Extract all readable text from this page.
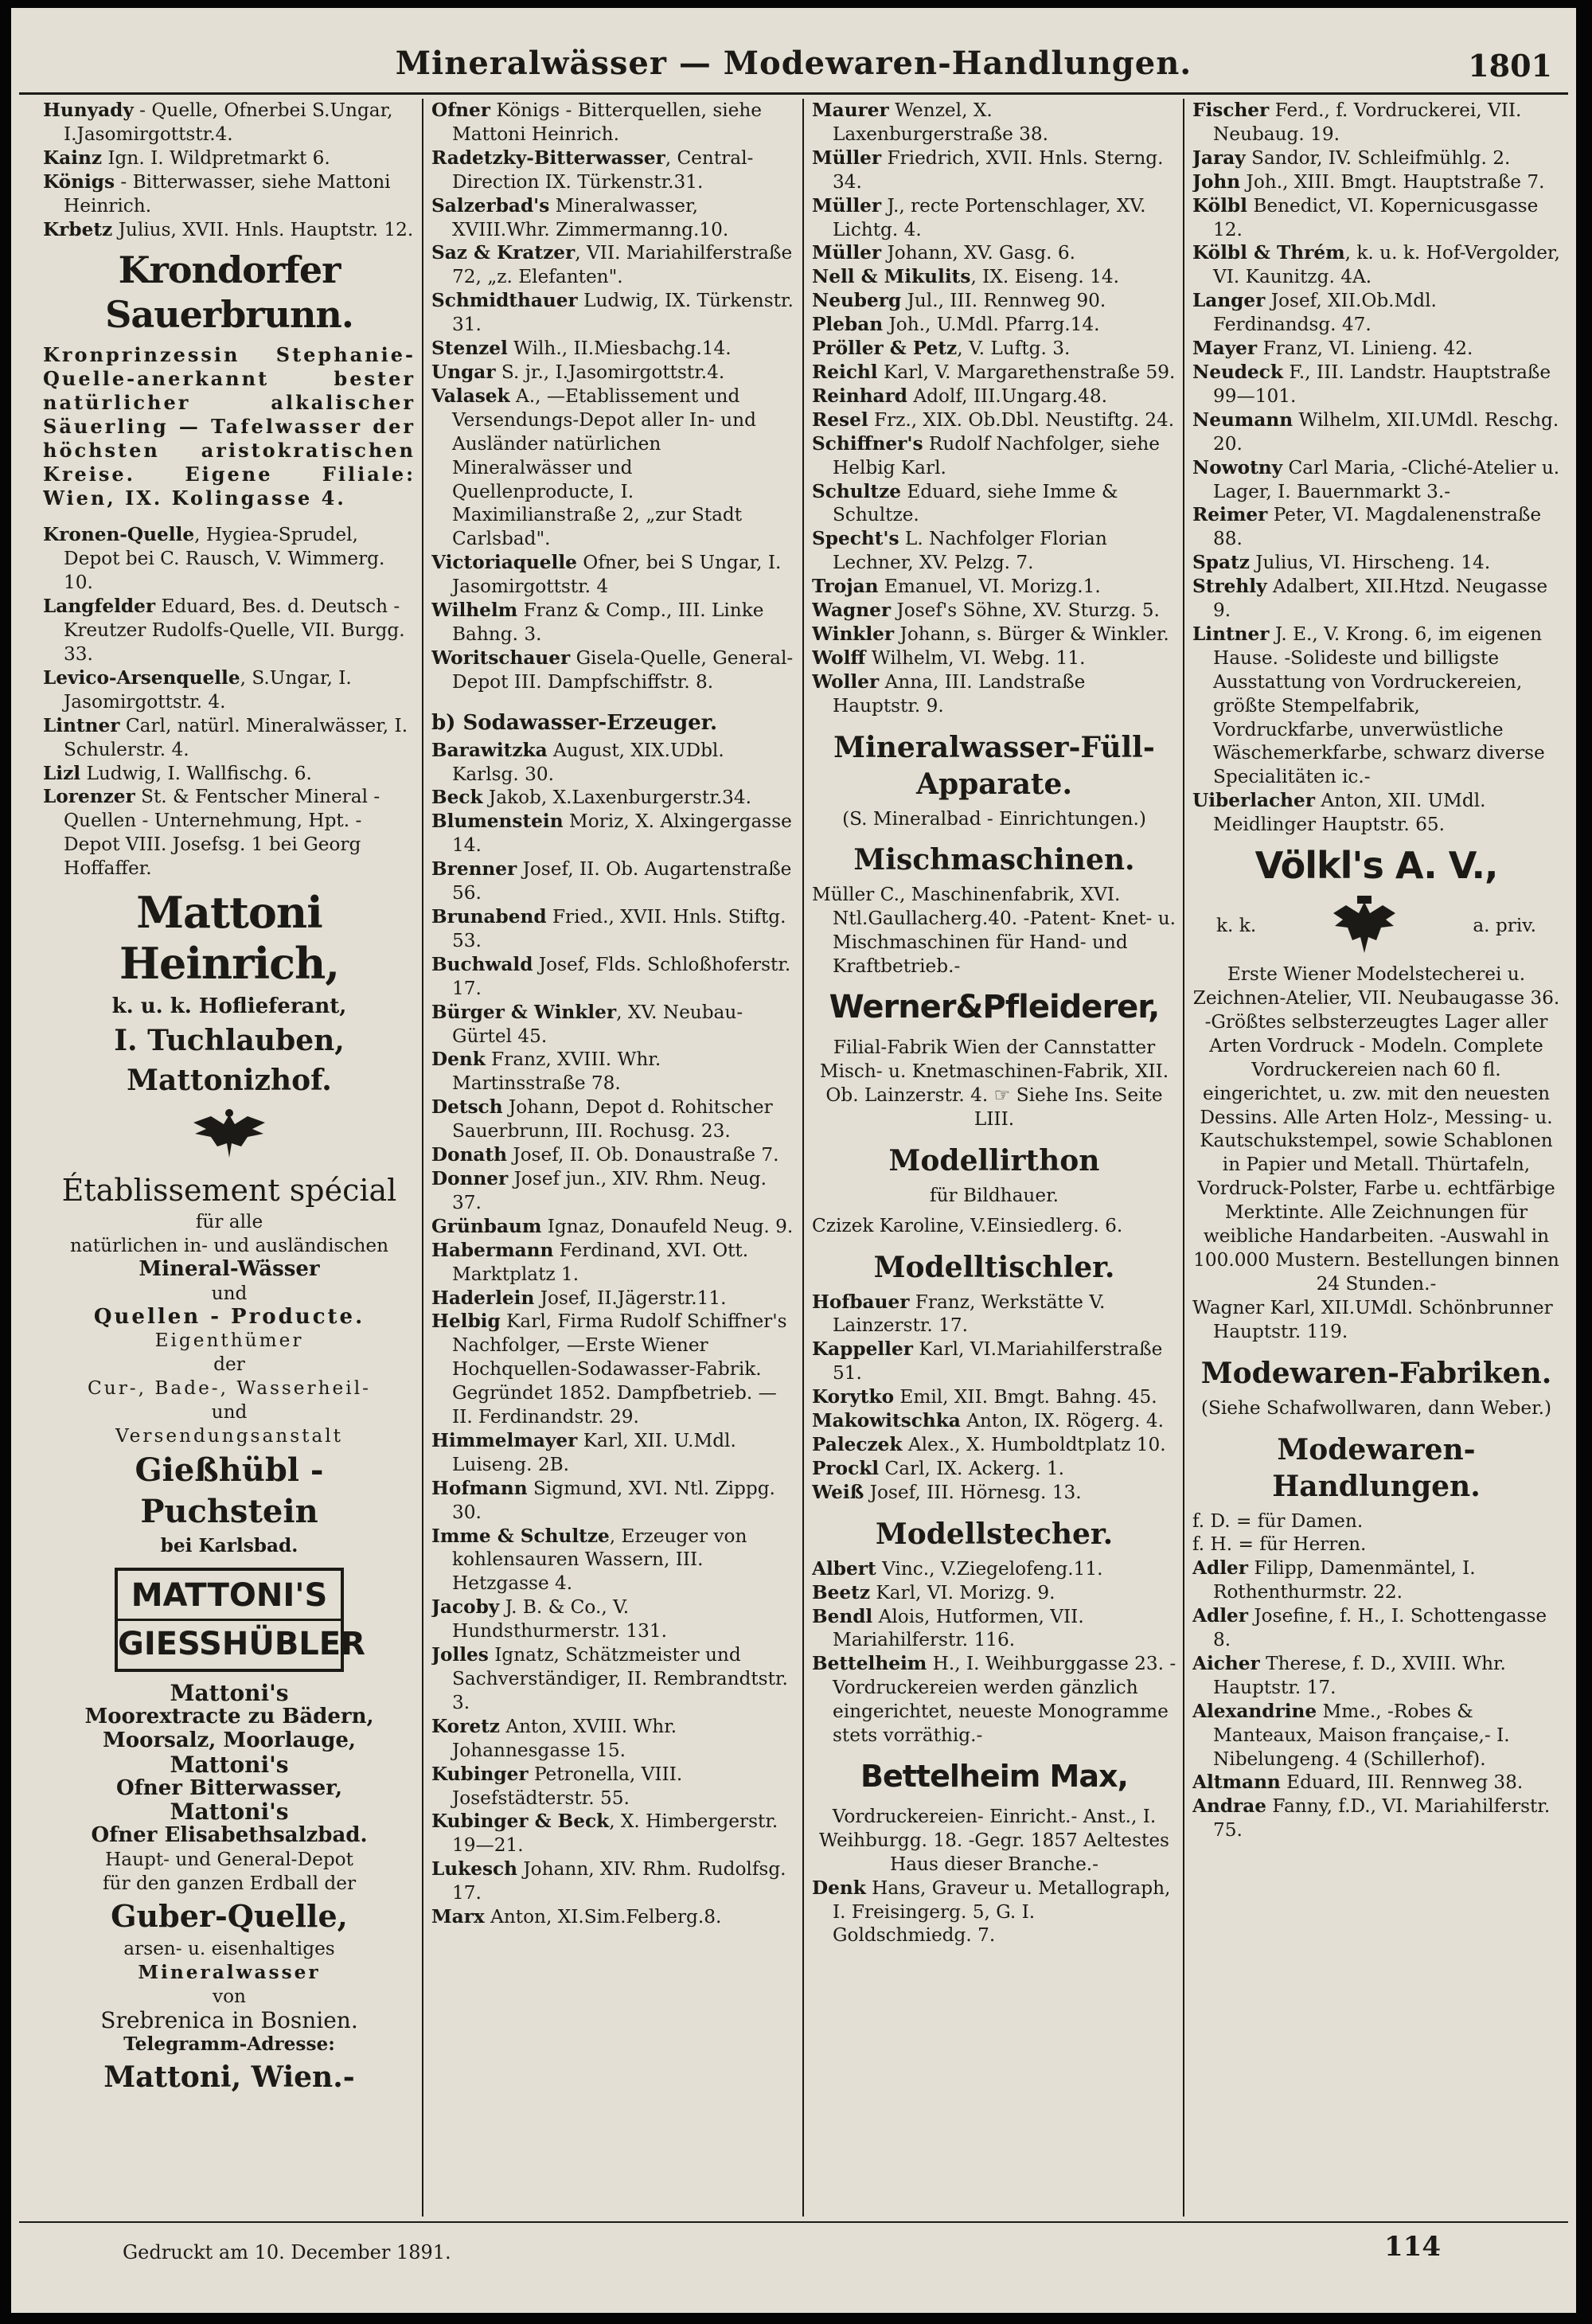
Mineralwässer — Modewaren-Handlungen.	1801

Hunyady - Quelle, Ofnerbei S.Ungar, I.Jasomirgottstr.4.

Kainz Ign. I. Wildpretmarkt 6.

Königs - Bitterwasser, siehe Mattoni Heinrich.

Krbetz Julius, XVII. Hnls. Hauptstr. 12.

Krondorfer Sauerbrunn.

Kronprinzessin Stephanie-Quelle-anerkannt bester natürlicher alkalischer Säuerling — Tafelwasser der höchsten aristokratischen Kreise. Eigene Filiale: Wien, IX. Kolingasse 4.

Kronen-Quelle, Hygiea-Sprudel, Depot bei C. Rausch, V. Wimmerg. 10.

Langfelder Eduard, Bes. d. Deutsch - Kreutzer Rudolfs-Quelle, VII. Burgg. 33.

Levico-Arsenquelle, S.Ungar, I. Jasomirgottstr. 4.

Lintner Carl, natürl. Mineralwässer, I. Schulerstr. 4.

Lizl Ludwig, I. Wallfischg. 6.

Lorenzer St. & Fentscher Mineral - Quellen - Unternehmung, Hpt. - Depot VIII. Josefsg. 1 bei Georg Hoffaffer.

Mattoni Heinrich,
k. u. k. Hoflieferant,
I. Tuchlauben, Mattonizhof.
Établissement spécial
für alle
natürlichen in- und ausländischen
Mineral-Wässer
und
Quellen - Producte.
Eigenthümer
der
Cur-, Bade-, Wasserheil-
und
Versendungsanstalt
Gießhübl - Puchstein
bei Karlsbad.
MATTONI'S
GIESSHÜBLER
Mattoni's
Moorextracte zu Bädern,
Moorsalz, Moorlauge,
Mattoni's
Ofner Bitterwasser,
Mattoni's
Ofner Elisabethsalzbad.
Haupt- und General-Depot
für den ganzen Erdball der
Guber-Quelle,
arsen- u. eisenhaltiges
Mineralwasser
von
Srebrenica in Bosnien.
Telegramm-Adresse:
Mattoni, Wien.-

Ofner Königs - Bitterquellen, siehe Mattoni Heinrich.

Radetzky-Bitterwasser, Central-Direction IX. Türkenstr.31.

Salzerbad's Mineralwasser, XVIII.Whr. Zimmermanng.10.

Saz & Kratzer, VII. Mariahilferstraße 72, „z. Elefanten".

Schmidthauer Ludwig, IX. Türkenstr. 31.

Stenzel Wilh., II.Miesbachg.14.

Ungar S. jr., I.Jasomirgottstr.4.

Valasek A., —Etablissement und Versendungs-Depot aller In- und Ausländer natürlichen Mineralwässer und Quellenproducte, I. Maximilianstraße 2, „zur Stadt Carlsbad".

Victoriaquelle Ofner, bei S Ungar, I. Jasomirgottstr. 4

Wilhelm Franz & Comp., III. Linke Bahng. 3.

Woritschauer Gisela-Quelle, General-Depot III. Dampfschiffstr. 8.

b) Sodawasser-Erzeuger.

Barawitzka August, XIX.UDbl. Karlsg. 30.

Beck Jakob, X.Laxenburgerstr.34.

Blumenstein Moriz, X. Alxingergasse 14.

Brenner Josef, II. Ob. Augartenstraße 56.

Brunabend Fried., XVII. Hnls. Stiftg. 53.

Buchwald Josef, Flds. Schloßhoferstr. 17.

Bürger & Winkler, XV. Neubau-Gürtel 45.

Denk Franz, XVIII. Whr. Martinsstraße 78.

Detsch Johann, Depot d. Rohitscher Sauerbrunn, III. Rochusg. 23.

Donath Josef, II. Ob. Donaustraße 7.

Donner Josef jun., XIV. Rhm. Neug. 37.

Grünbaum Ignaz, Donaufeld Neug. 9.

Habermann Ferdinand, XVI. Ott. Marktplatz 1.

Haderlein Josef, II.Jägerstr.11.

Helbig Karl, Firma Rudolf Schiffner's Nachfolger, —Erste Wiener Hochquellen-Sodawasser-Fabrik. Gegründet 1852. Dampfbetrieb. —II. Ferdinandstr. 29.

Himmelmayer Karl, XII. U.Mdl. Luiseng. 2B.

Hofmann Sigmund, XVI. Ntl. Zippg. 30.

Imme & Schultze, Erzeuger von kohlensauren Wassern, III. Hetzgasse 4.

Jacoby J. B. & Co., V. Hundsthurmerstr. 131.

Jolles Ignatz, Schätzmeister und Sachverständiger, II. Rembrandtstr. 3.

Koretz Anton, XVIII. Whr. Johannesgasse 15.

Kubinger Petronella, VIII. Josefstädterstr. 55.

Kubinger & Beck, X. Himbergerstr. 19—21.

Lukesch Johann, XIV. Rhm. Rudolfsg. 17.

Marx Anton, XI.Sim.Felberg.8.

Maurer Wenzel, X. Laxenburgerstraße 38.

Müller Friedrich, XVII. Hnls. Sterng. 34.

Müller J., recte Portenschlager, XV. Lichtg. 4.

Müller Johann, XV. Gasg. 6.

Nell & Mikulits, IX. Eiseng. 14.

Neuberg Jul., III. Rennweg 90.

Pleban Joh., U.Mdl. Pfarrg.14.

Pröller & Petz, V. Luftg. 3.

Reichl Karl, V. Margarethenstraße 59.

Reinhard Adolf, III.Ungarg.48.

Resel Frz., XIX. Ob.Dbl. Neustiftg. 24.

Schiffner's Rudolf Nachfolger, siehe Helbig Karl.

Schultze Eduard, siehe Imme & Schultze.

Specht's L. Nachfolger Florian Lechner, XV. Pelzg. 7.

Trojan Emanuel, VI. Morizg.1.

Wagner Josef's Söhne, XV. Sturzg. 5.

Winkler Johann, s. Bürger & Winkler.

Wolff Wilhelm, VI. Webg. 11.

Woller Anna, III. Landstraße Hauptstr. 9.

Mineralwasser-Füll-Apparate.
(S. Mineralbad - Einrichtungen.)
Mischmaschinen.

Müller C., Maschinenfabrik, XVI. Ntl.Gaullacherg.40. -Patent- Knet- u. Mischmaschinen für Hand- und Kraftbetrieb.-

Werner&Pfleiderer,

Filial-Fabrik Wien der Cannstatter Misch- u. Knetmaschinen-Fabrik, XII. Ob. Lainzerstr. 4. ☞ Siehe Ins. Seite LIII.

Modellirthon
für Bildhauer.

Czizek Karoline, V.Einsiedlerg. 6.

Modelltischler.

Hofbauer Franz, Werkstätte V. Lainzerstr. 17.

Kappeller Karl, VI.Mariahilferstraße 51.

Korytko Emil, XII. Bmgt. Bahng. 45.

Makowitschka Anton, IX. Rögerg. 4.

Paleczek Alex., X. Humboldtplatz 10.

Prockl Carl, IX. Ackerg. 1.

Weiß Josef, III. Hörnesg. 13.

Modellstecher.

Albert Vinc., V.Ziegelofeng.11.

Beetz Karl, VI. Morizg. 9.

Bendl Alois, Hutformen, VII. Mariahilferstr. 116.

Bettelheim H., I. Weihburggasse 23. -Vordruckereien werden gänzlich eingerichtet, neueste Monogramme stets vorräthig.-

Bettelheim Max,

Vordruckereien- Einricht.- Anst., I. Weihburgg. 18. -Gegr. 1857 Aeltestes Haus dieser Branche.-

Denk Hans, Graveur u. Metallograph, I. Freisingerg. 5, G. I. Goldschmiedg. 7.

Fischer Ferd., f. Vordruckerei, VII. Neubaug. 19.

Jaray Sandor, IV. Schleifmühlg. 2.

John Joh., XIII. Bmgt. Hauptstraße 7.

Kölbl Benedict, VI. Kopernicusgasse 12.

Kölbl & Thrém, k. u. k. Hof-Vergolder, VI. Kaunitzg. 4A.

Langer Josef, XII.Ob.Mdl. Ferdinandsg. 47.

Mayer Franz, VI. Linieng. 42.

Neudeck F., III. Landstr. Hauptstraße 99—101.

Neumann Wilhelm, XII.UMdl. Reschg. 20.

Nowotny Carl Maria, -Cliché-Atelier u. Lager, I. Bauernmarkt 3.-

Reimer Peter, VI. Magdalenenstraße 88.

Spatz Julius, VI. Hirscheng. 14.

Strehly Adalbert, XII.Htzd. Neugasse 9.

Lintner J. E., V. Krong. 6, im eigenen Hause. -Solideste und billigste Ausstattung von Vordruckereien, größte Stempelfabrik, Vordruckfarbe, unverwüstliche Wäschemerkfarbe, schwarz diverse Specialitäten ic.-

Uiberlacher Anton, XII. UMdl. Meidlinger Hauptstr. 65.

Völkl's A. V.,
k. k.	a. priv.

Erste Wiener Modelstecherei u. Zeichnen-Atelier, VII. Neubaugasse 36. -Größtes selbsterzeugtes Lager aller Arten Vordruck - Modeln. Complete Vordruckereien nach 60 fl. eingerichtet, u. zw. mit den neuesten Dessins. Alle Arten Holz-, Messing- u. Kautschukstempel, sowie Schablonen in Papier und Metall. Thürtafeln, Vordruck-Polster, Farbe u. echtfärbige Merktinte. Alle Zeichnungen für weibliche Handarbeiten. -Auswahl in 100.000 Mustern. Bestellungen binnen 24 Stunden.-

Wagner Karl, XII.UMdl. Schönbrunner Hauptstr. 119.

Modewaren-Fabriken.
(Siehe Schafwollwaren, dann Weber.)
Modewaren-Handlungen.

f. D. = für Damen.

f. H. = für Herren.

Adler Filipp, Damenmäntel, I. Rothenthurmstr. 22.

Adler Josefine, f. H., I. Schottengasse 8.

Aicher Therese, f. D., XVIII. Whr. Hauptstr. 17.

Alexandrine Mme., -Robes & Manteaux, Maison française,- I. Nibelungeng. 4 (Schillerhof).

Altmann Eduard, III. Rennweg 38.

Andrae Fanny, f.D., VI. Mariahilferstr. 75.

Gedruckt am 10. December 1891.	114
